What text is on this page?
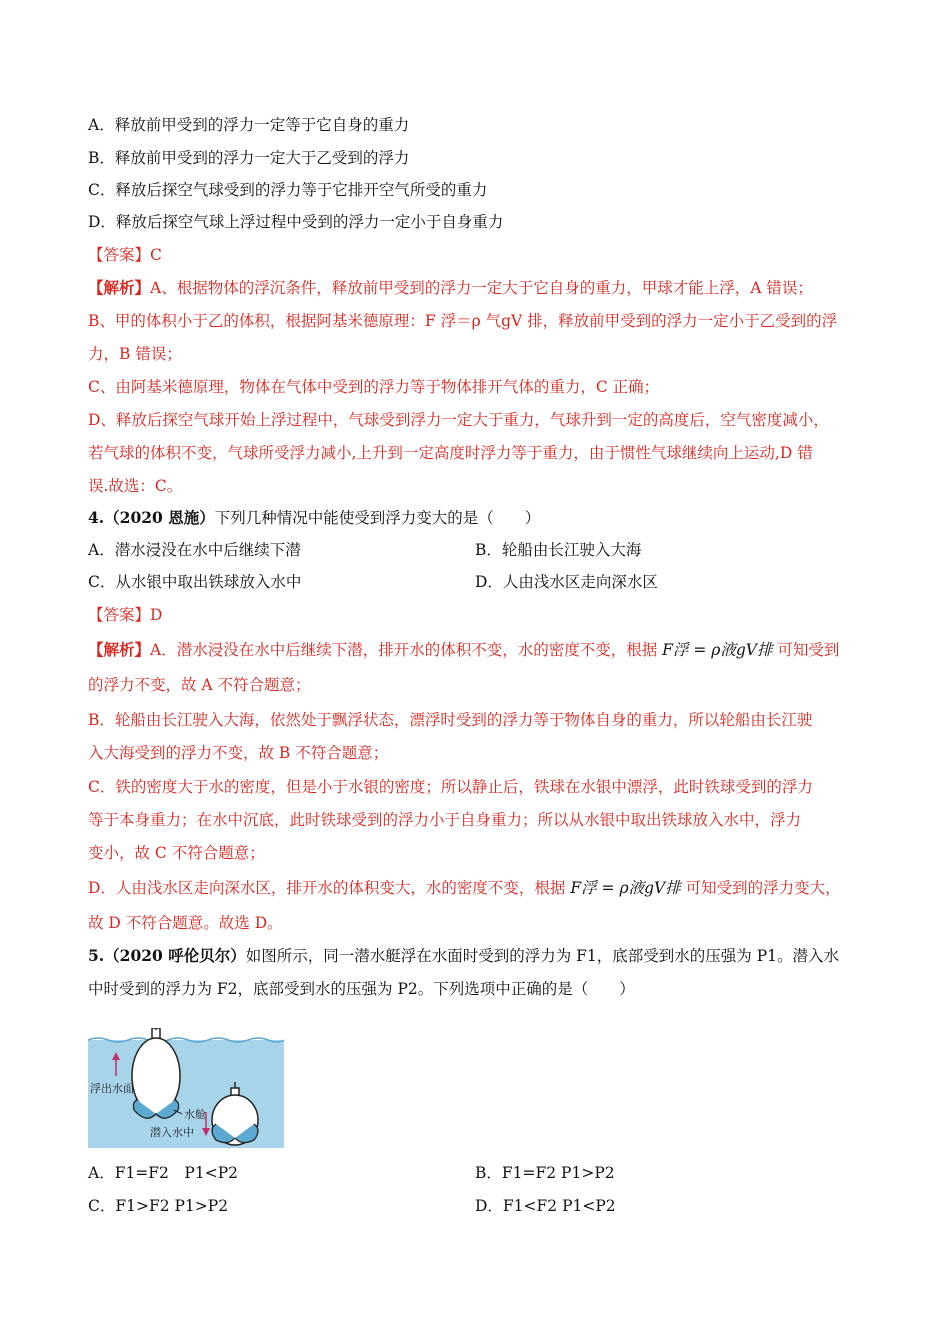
A．释放前甲受到的浮力一定等于它自身的重力
B．释放前甲受到的浮力一定大于乙受到的浮力
C．释放后探空气球受到的浮力等于它排开空气所受的重力
D．释放后探空气球上浮过程中受到的浮力一定小于自身重力
【答案】C
【解析】A、根据物体的浮沉条件，释放前甲受到的浮力一定大于它自身的重力，甲球才能上浮，A 错误；
B、甲的体积小于乙的体积，根据阿基米德原理：F 浮＝ρ 气gV 排，释放前甲受到的浮力一定小于乙受到的浮
力，B 错误；
C、由阿基米德原理，物体在气体中受到的浮力等于物体排开气体的重力，C 正确；
D、释放后探空气球开始上浮过程中，气球受到浮力一定大于重力，气球升到一定的高度后，空气密度减小，
若气球的体积不变，气球所受浮力减小,上升到一定高度时浮力等于重力，由于惯性气球继续向上运动,D 错
误.故选：C。
4.（2020 恩施）下列几种情况中能使受到浮力变大的是（　　）
A．潜水浸没在水中后继续下潜	B．轮船由长江驶入大海
C．从水银中取出铁球放入水中	D．人由浅水区走向深水区
【答案】D
【解析】A．潜水浸没在水中后继续下潜，排开水的体积不变，水的密度不变，根据 F浮 = ρ液gV排 可知受到
的浮力不变，故 A 不符合题意；
B．轮船由长江驶入大海，依然处于飘浮状态，漂浮时受到的浮力等于物体自身的重力，所以轮船由长江驶
入大海受到的浮力不变，故 B 不符合题意；
C．铁的密度大于水的密度，但是小于水银的密度；所以静止后，铁球在水银中漂浮，此时铁球受到的浮力
等于本身重力；在水中沉底，此时铁球受到的浮力小于自身重力；所以从水银中取出铁球放入水中，浮力
变小，故 C 不符合题意；
D．人由浅水区走向深水区，排开水的体积变大，水的密度不变，根据 F浮 = ρ液gV排 可知受到的浮力变大，
故 D 不符合题意。故选 D。
5.（2020 呼伦贝尔）如图所示，同一潜水艇浮在水面时受到的浮力为 F1，底部受到水的压强为 P1。潜入水
中时受到的浮力为 F2，底部受到水的压强为 P2。下列选项中正确的是（　　）
浮出水面
水舱
潜入水中
A．F1=F2　P1<P2	B．F1=F2 P1>P2
C．F1>F2 P1>P2	D．F1<F2 P1<P2
